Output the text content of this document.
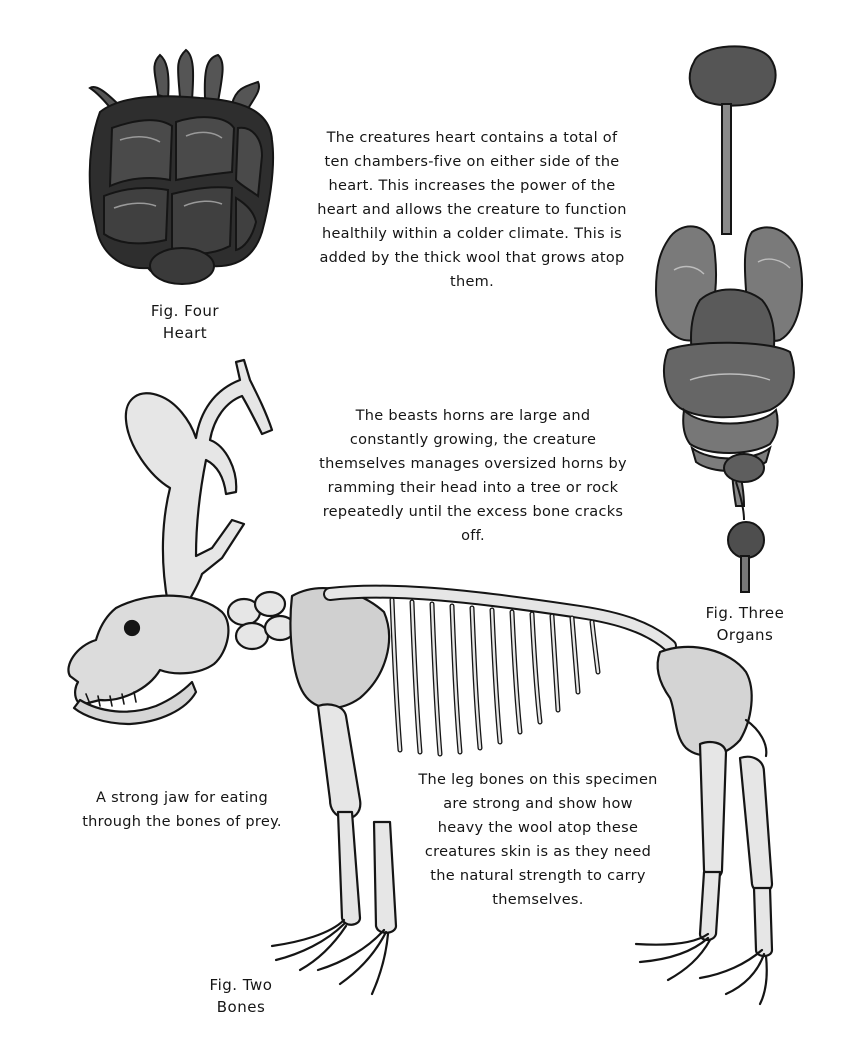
Fig. Four
Heart
Fig. Three
Organs
Fig. Two
Bones
The creatures heart contains a total of ten chambers-five on either side of the heart. This increases the power of the heart and allows the creature to function healthily within a colder climate. This is added by the thick wool that grows atop them.
The beasts horns are large and constantly growing, the creature themselves manages oversized horns by ramming their head into a tree or rock repeatedly until the excess bone cracks off.
A strong jaw for eating through the bones of prey.
The leg bones on this specimen are strong and show how heavy the wool atop these creatures skin is as they need the natural strength to carry themselves.
